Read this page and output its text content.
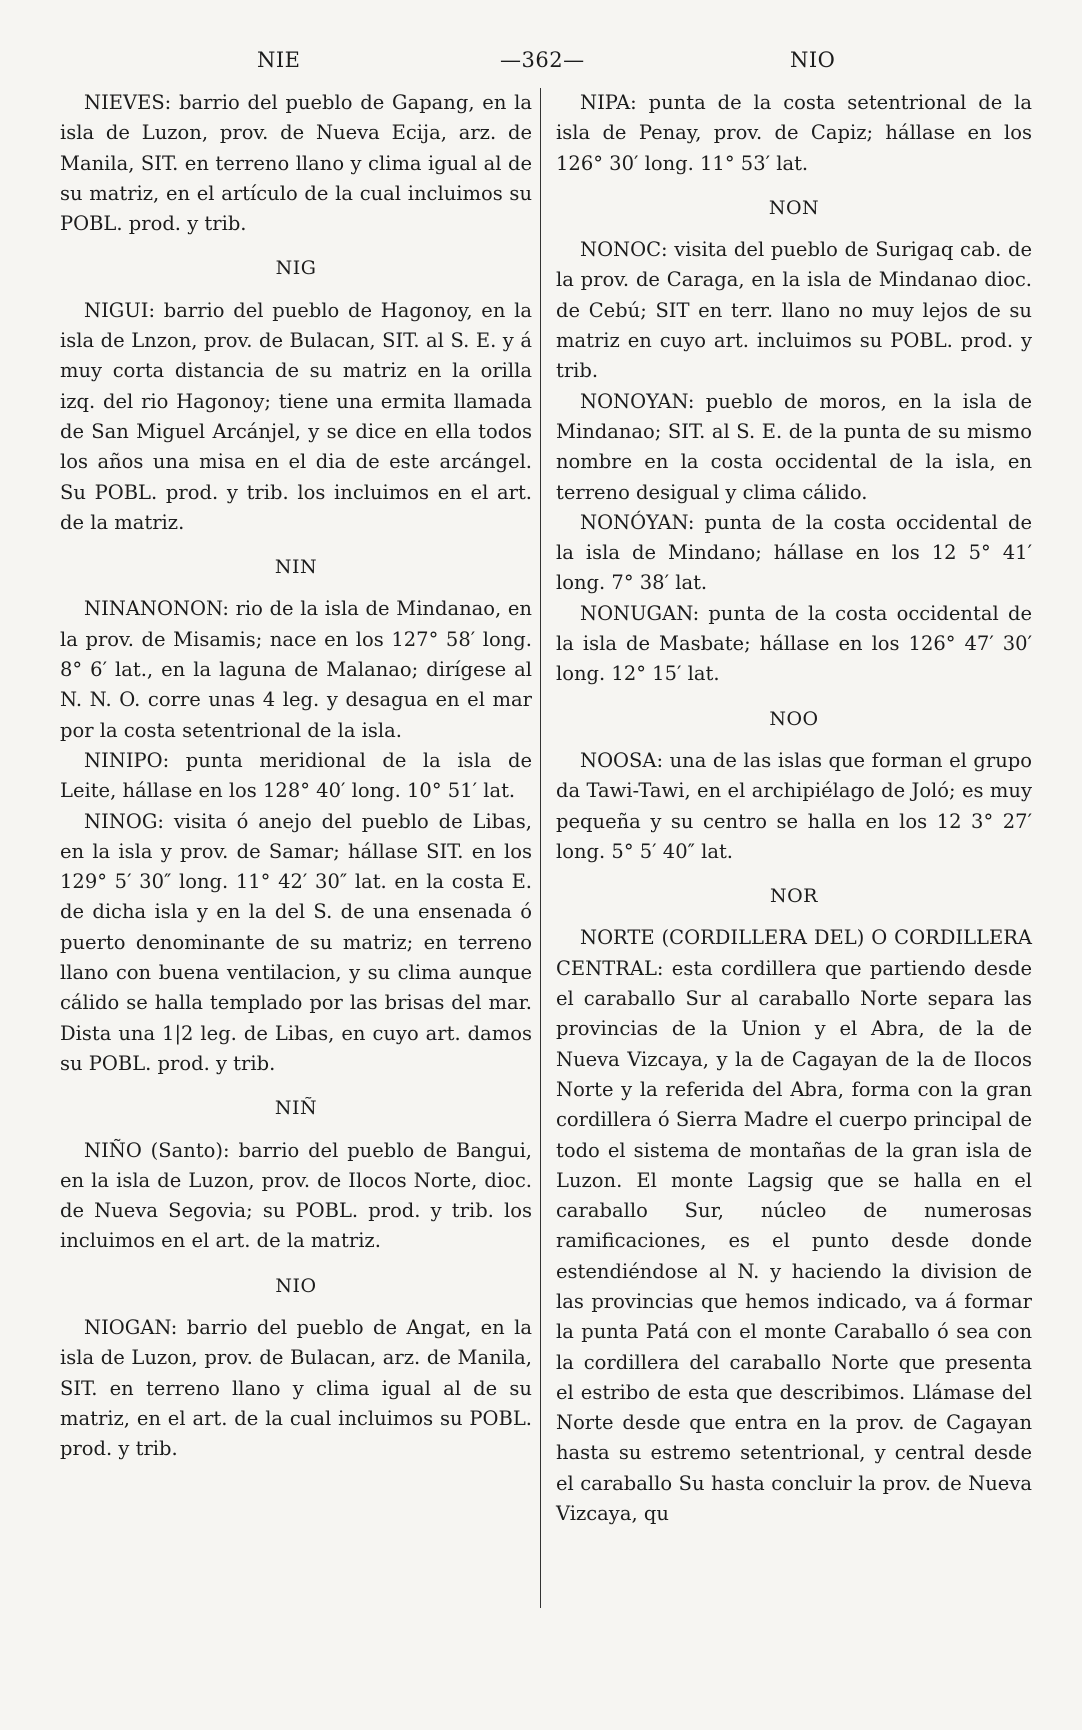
NIE	—362—	NIO

NIEVES: barrio del pueblo de Gapang, en la isla de Luzon, prov. de Nueva Ecija, arz. de Manila, SIT. en terreno llano y clima igual al de su matriz, en el artículo de la cual incluimos su POBL. prod. y trib.

NIG

NIGUI: barrio del pueblo de Hagonoy, en la isla de Lnzon, prov. de Bulacan, SIT. al S. E. y á muy corta distancia de su matriz en la orilla izq. del rio Hagonoy; tiene una ermita llamada de San Miguel Arcánjel, y se dice en ella todos los años una misa en el dia de este arcángel. Su POBL. prod. y trib. los incluimos en el art. de la matriz.

NIN

NINANONON: rio de la isla de Mindanao, en la prov. de Misamis; nace en los 127° 58′ long. 8° 6′ lat., en la laguna de Malanao; dirígese al N. N. O. corre unas 4 leg. y desagua en el mar por la costa setentrional de la isla.

NINIPO: punta meridional de la isla de Leite, hállase en los 128° 40′ long. 10° 51′ lat.

NINOG: visita ó anejo del pueblo de Libas, en la isla y prov. de Samar; hállase SIT. en los 129° 5′ 30″ long. 11° 42′ 30″ lat. en la costa E. de dicha isla y en la del S. de una ensenada ó puerto denominante de su matriz; en terreno llano con buena ventilacion, y su clima aunque cálido se halla templado por las brisas del mar. Dista una 1|2 leg. de Libas, en cuyo art. damos su POBL. prod. y trib.

NIÑ

NIÑO (Santo): barrio del pueblo de Bangui, en la isla de Luzon, prov. de Ilocos Norte, dioc. de Nueva Segovia; su POBL. prod. y trib. los incluimos en el art. de la matriz.

NIO

NIOGAN: barrio del pueblo de Angat, en la isla de Luzon, prov. de Bulacan, arz. de Manila, SIT. en terreno llano y clima igual al de su matriz, en el art. de la cual incluimos su POBL. prod. y trib.

NIPA: punta de la costa setentrional de la isla de Penay, prov. de Capiz; hállase en los 126° 30′ long. 11° 53′ lat.

NON

NONOC: visita del pueblo de Surigaq cab. de la prov. de Caraga, en la isla de Mindanao dioc. de Cebú; SIT en terr. llano no muy lejos de su matriz en cuyo art. incluimos su POBL. prod. y trib.

NONOYAN: pueblo de moros, en la isla de Mindanao; SIT. al S. E. de la punta de su mismo nombre en la costa occidental de la isla, en terreno desigual y clima cálido.

NONÓYAN: punta de la costa occidental de la isla de Mindano; hállase en los 12 5° 41′ long. 7° 38′ lat.

NONUGAN: punta de la costa occidental de la isla de Masbate; hállase en los 126° 47′ 30′ long. 12° 15′ lat.

NOO

NOOSA: una de las islas que forman el grupo da Tawi-Tawi, en el archipiélago de Joló; es muy pequeña y su centro se halla en los 12 3° 27′ long. 5° 5′ 40″ lat.

NOR

NORTE (CORDILLERA DEL) O CORDILLERA CENTRAL: esta cordillera que partiendo desde el caraballo Sur al caraballo Norte separa las provincias de la Union y el Abra, de la de Nueva Vizcaya, y la de Cagayan de la de Ilocos Norte y la referida del Abra, forma con la gran cordillera ó Sierra Madre el cuerpo principal de todo el sistema de montañas de la gran isla de Luzon. El monte Lagsig que se halla en el caraballo Sur, núcleo de numerosas ramificaciones, es el punto desde donde estendiéndose al N. y haciendo la division de las provincias que hemos indicado, va á formar la punta Patá con el monte Caraballo ó sea con la cordillera del caraballo Norte que presenta el estribo de esta que describimos. Llámase del Norte desde que entra en la prov. de Cagayan hasta su estremo setentrional, y central desde el caraballo Su hasta concluir la prov. de Nueva Vizcaya, qu
